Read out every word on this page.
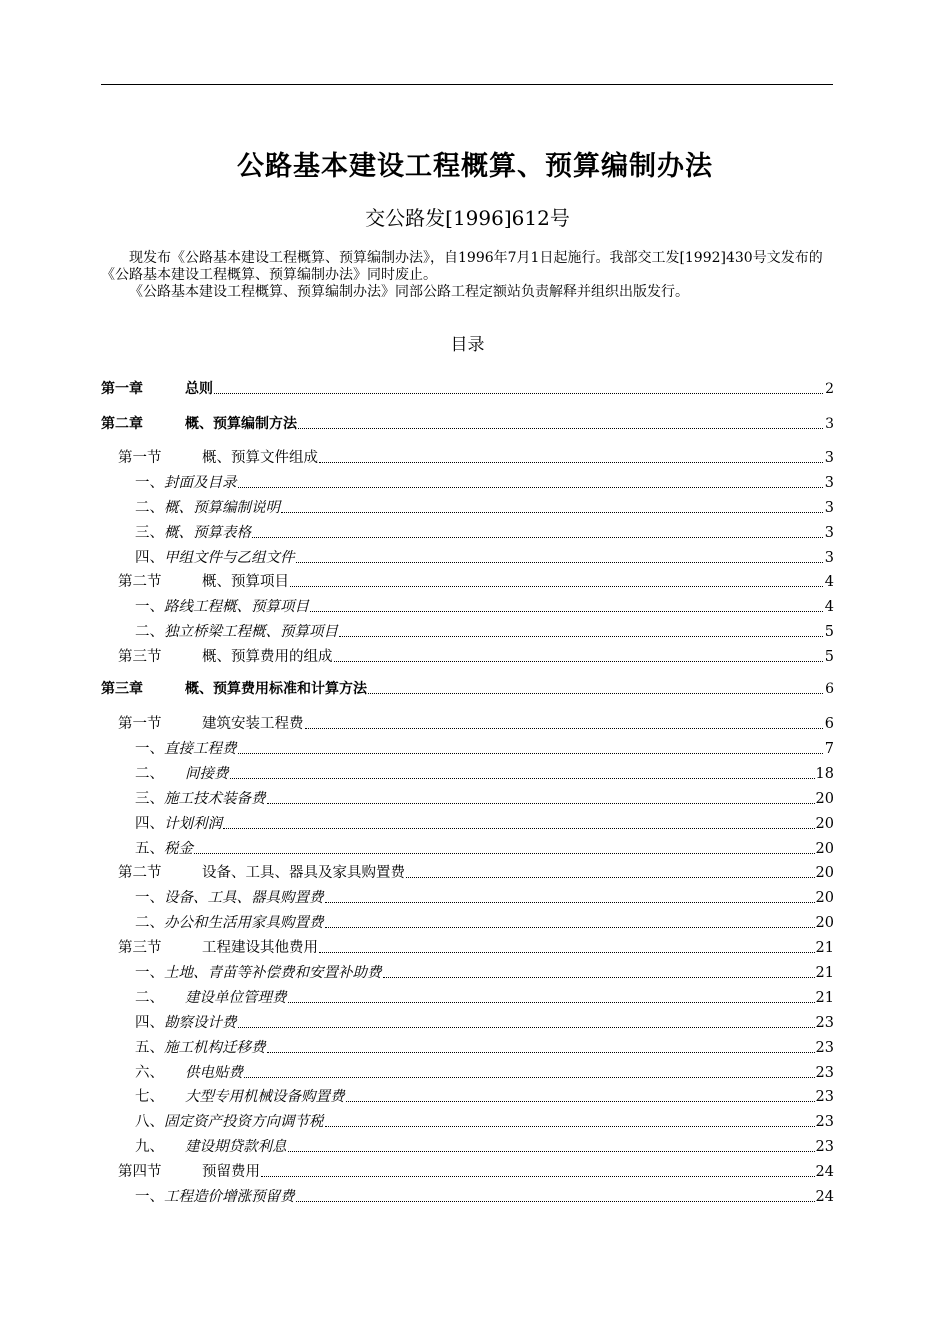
公路基本建设工程概算、预算编制办法
交公路发[1996]612号

现发布《公路基本建设工程概算、预算编制办法》，自1996年7月1日起施行。我部交工发[1992]430号文发布的《公路基本建设工程概算、预算编制办法》同时废止。

《公路基本建设工程概算、预算编制办法》同部公路工程定额站负责解释并组织出版发行。

目录
第一章	总则	2
第二章	概、预算编制方法	3
第一节	概、预算文件组成	3
一、 封面及目录	3
二、 概、预算编制说明	3
三、 概、预算表格	3
四、 甲组文件与乙组文件	3
第二节	概、预算项目	4
一、 路线工程概、预算项目	4
二、 独立桥梁工程概、预算项目	5
第三节	概、预算费用的组成	5
第三章	概、预算费用标准和计算方法	6
第一节	建筑安装工程费	6
一、 直接工程费	7
二、	间接费	18
三、 施工技术装备费	20
四、 计划利润	20
五、 税金	20
第二节	设备、工具、器具及家具购置费	20
一、 设备、工具、器具购置费	20
二、 办公和生活用家具购置费	20
第三节	工程建设其他费用	21
一、 土地、青苗等补偿费和安置补助费	21
二、	建设单位管理费	21
四、 勘察设计费	23
五、 施工机构迁移费	23
六、	供电贴费	23
七、	大型专用机械设备购置费	23
八、 固定资产投资方向调节税	23
九、	建设期贷款利息	23
第四节	预留费用	24
一、 工程造价增涨预留费	24
